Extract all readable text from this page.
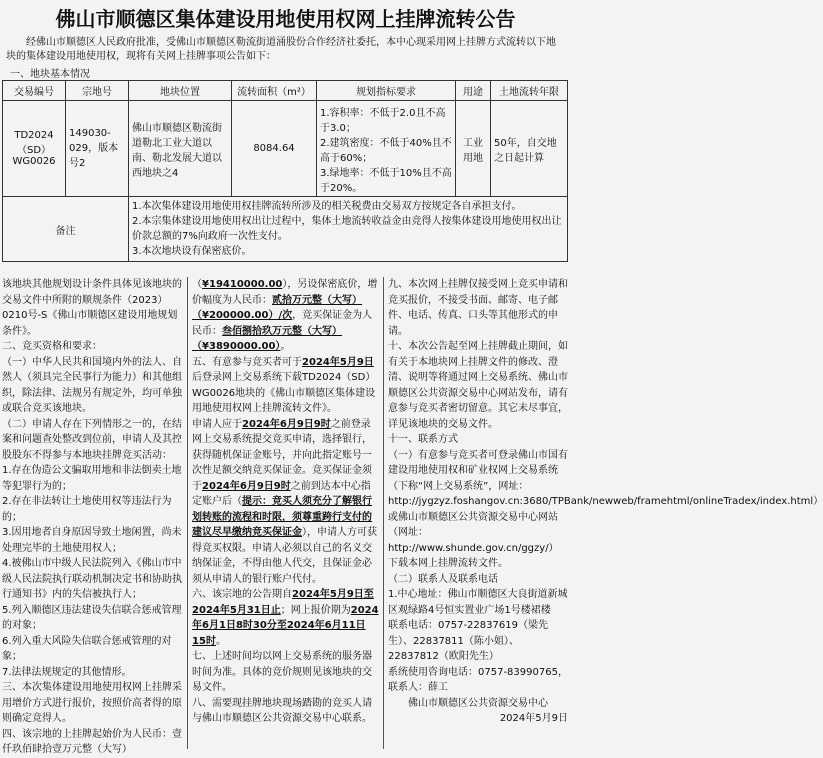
佛山市顺德区集体建设用地使用权网上挂牌流转公告
经佛山市顺德区人民政府批准，受佛山市顺德区勒流街道涌股份合作经济社委托，本中心现采用网上挂牌方式流转以下地块的集体建设用地使用权，现将有关网上挂牌事项公告如下：
一、地块基本情况
交易编号	宗地号	地块位置	流转面积（m²）	规划指标要求	用途	土地流转年限
TD2024（SD）WG0026	149030-029，版本号2	佛山市顺德区勒流街道勒北工业大道以南、勒北发展大道以西地块之4	8084.64	1.容积率：不低于2.0且不高于3.0；
2.建筑密度：不低于40%且不高于60%；
3.绿地率：不低于10%且不高于20%。	工业用地	50年，自交地之日起计算
备注		1.本次集体建设用地使用权挂牌流转所涉及的相关税费由交易双方按规定各自承担支付。
2.本宗集体建设用地使用权出让过程中，集体土地流转收益金由竞得人按集体建设用地使用权出让价款总额的7%向政府一次性支付。
3.本次地块设有保密底价。				

该地块其他规划设计条件具体见该地块的交易文件中所附的顺规条件（2023）0210号-S《佛山市顺德区建设用地规划条件》。

二、竞买资格和要求：

（一）中华人民共和国境内外的法人、自然人（须具完全民事行为能力）和其他组织，除法律、法规另有规定外，均可单独或联合竞买该地块。

（二）申请人存在下列情形之一的，在结案和问题查处整改到位前，申请人及其控股股东不得参与本地块挂牌竞买活动：

1.存在伪造公文骗取用地和非法倒卖土地等犯罪行为的；

2.存在非法转让土地使用权等违法行为的；

3.因用地者自身原因导致土地闲置，尚未处理完毕的土地使用权人；

4.被佛山市中级人民法院列入《佛山市中级人民法院执行联动机制决定书和协助执行通知书》内的失信被执行人；

5.列入顺德区违法建设失信联合惩戒管理的对象；

6.列入重大风险失信联合惩戒管理的对象；

7.法律法规规定的其他情形。

三、本次集体建设用地使用权网上挂牌采用增价方式进行报价，按照价高者得的原则确定竞得人。

四、该宗地的上挂牌起始价为人民币：壹仟玖佰肆拾壹万元整（大写）

（¥19410000.00），另设保密底价，增价幅度为人民币：贰拾万元整（大写）（¥200000.00）/次，竞买保证金为人民币：叁佰捌拾玖万元整（大写）（¥3890000.00）。

五、有意参与竞买者可于2024年5月9日后登录网上交易系统下载TD2024（SD）WG0026地块的《佛山市顺德区集体建设用地使用权网上挂牌流转文件》。

申请人应于2024年6月9日9时之前登录网上交易系统提交竞买申请，选择银行，获得随机保证金账号，并向此指定账号一次性足额交纳竞买保证金。竞买保证金须于2024年6月9日9时之前到达本中心指定账户后（提示：竞买人须充分了解银行划转账的流程和时限，须尊重跨行支付的建议尽早缴纳竞买保证金），申请人方可获得竞买权限。申请人必须以自己的名义交纳保证金，不得由他人代交，且保证金必须从申请人的银行账户代付。

六、该宗地的公告期自2024年5月9日至2024年5月31日止；网上报价期为2024年6月1日8时30分至2024年6月11日15时。

七、上述时间均以网上交易系统的服务器时间为准。具体的竞价规则见该地块的交易文件。

八、需要现挂牌地块现场踏勘的竞买人请与佛山市顺德区公共资源交易中心联系。

九、本次网上挂牌仅接受网上竞买申请和竞买报价，不接受书面、邮寄、电子邮件、电话、传真、口头等其他形式的申请。

十、本次公告起至网上挂牌截止期间，如有关于本地块网上挂牌文件的修改、澄清、说明等将通过网上交易系统、佛山市顺德区公共资源交易中心网站发布，请有意参与竞买者密切留意。其它未尽事宜，详见该地块的交易文件。

十一、联系方式

（一）有意参与竞买者可登录佛山市国有建设用地使用权和矿业权网上交易系统（下称“网上交易系统”，网址：http://jygzyz.foshangov.cn:3680/TPBank/newweb/framehtml/onlineTradex/index.html）或佛山市顺德区公共资源交易中心网站（网址：http://www.shunde.gov.cn/ggzy/）下载本网上挂牌流转文件。

（二）联系人及联系电话

1.中心地址：佛山市顺德区大良街道新城区观绿路4号恒实置业广场1号楼裙楼

联系电话：0757-22837619（梁先生）、22837811（陈小姐）、22837812（欧阳先生）

系统使用咨询电话：0757-83990765，联系人：薛工

佛山市顺德区公共资源交易中心

2024年5月9日
